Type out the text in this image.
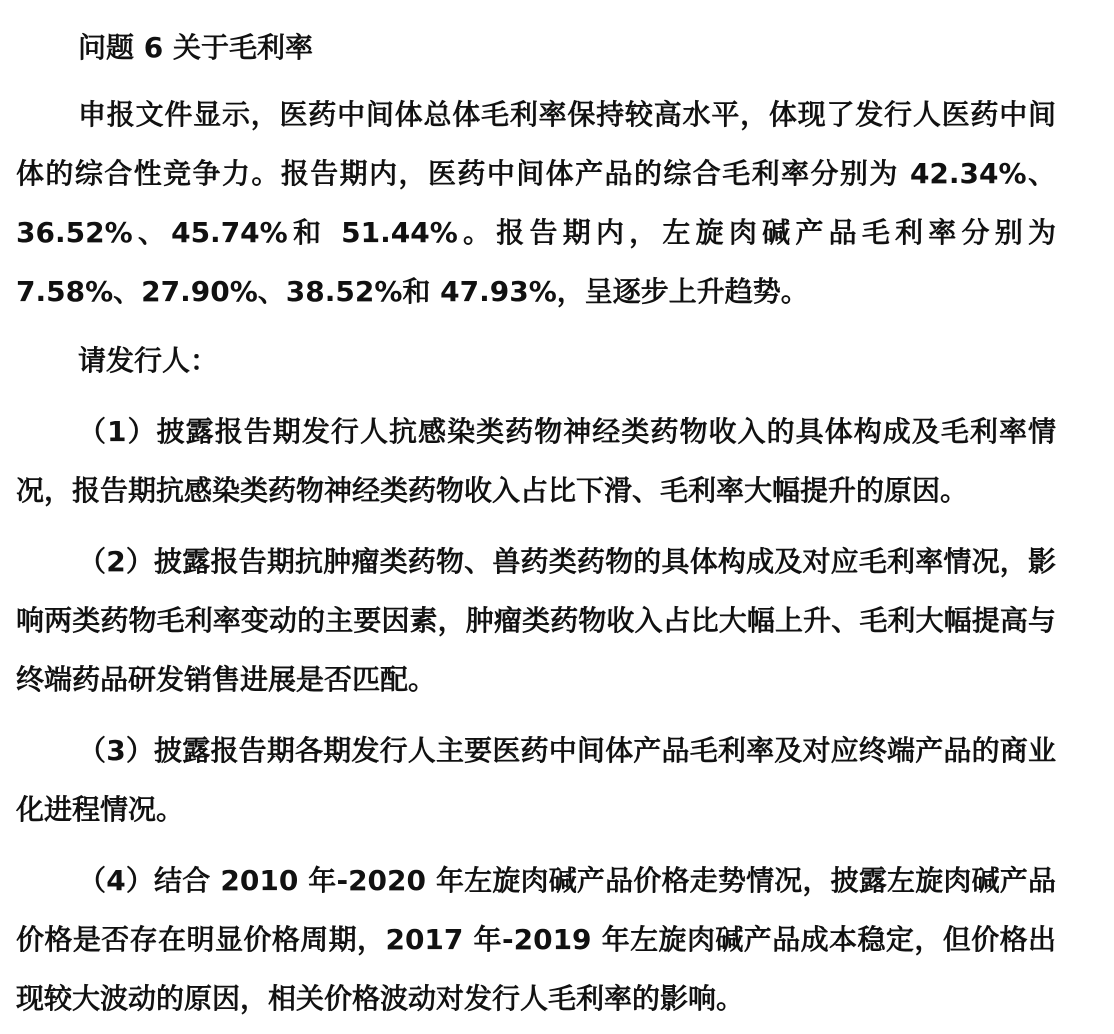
问题 6 关于毛利率

申报文件显示，医药中间体总体毛利率保持较高水平，体现了发行人医药中间体的综合性竞争力。报告期内，医药中间体产品的综合毛利率分别为 42.34%、36.52%、45.74%和 51.44%。报告期内，左旋肉碱产品毛利率分别为 7.58%、27.90%、38.52%和 47.93%，呈逐步上升趋势。

请发行人：

（1）披露报告期发行人抗感染类药物神经类药物收入的具体构成及毛利率情况，报告期抗感染类药物神经类药物收入占比下滑、毛利率大幅提升的原因。

（2）披露报告期抗肿瘤类药物、兽药类药物的具体构成及对应毛利率情况，影响两类药物毛利率变动的主要因素，肿瘤类药物收入占比大幅上升、毛利大幅提高与终端药品研发销售进展是否匹配。

（3）披露报告期各期发行人主要医药中间体产品毛利率及对应终端产品的商业化进程情况。

（4）结合 2010 年-2020 年左旋肉碱产品价格走势情况，披露左旋肉碱产品价格是否存在明显价格周期，2017 年-2019 年左旋肉碱产品成本稳定，但价格出现较大波动的原因，相关价格波动对发行人毛利率的影响。
